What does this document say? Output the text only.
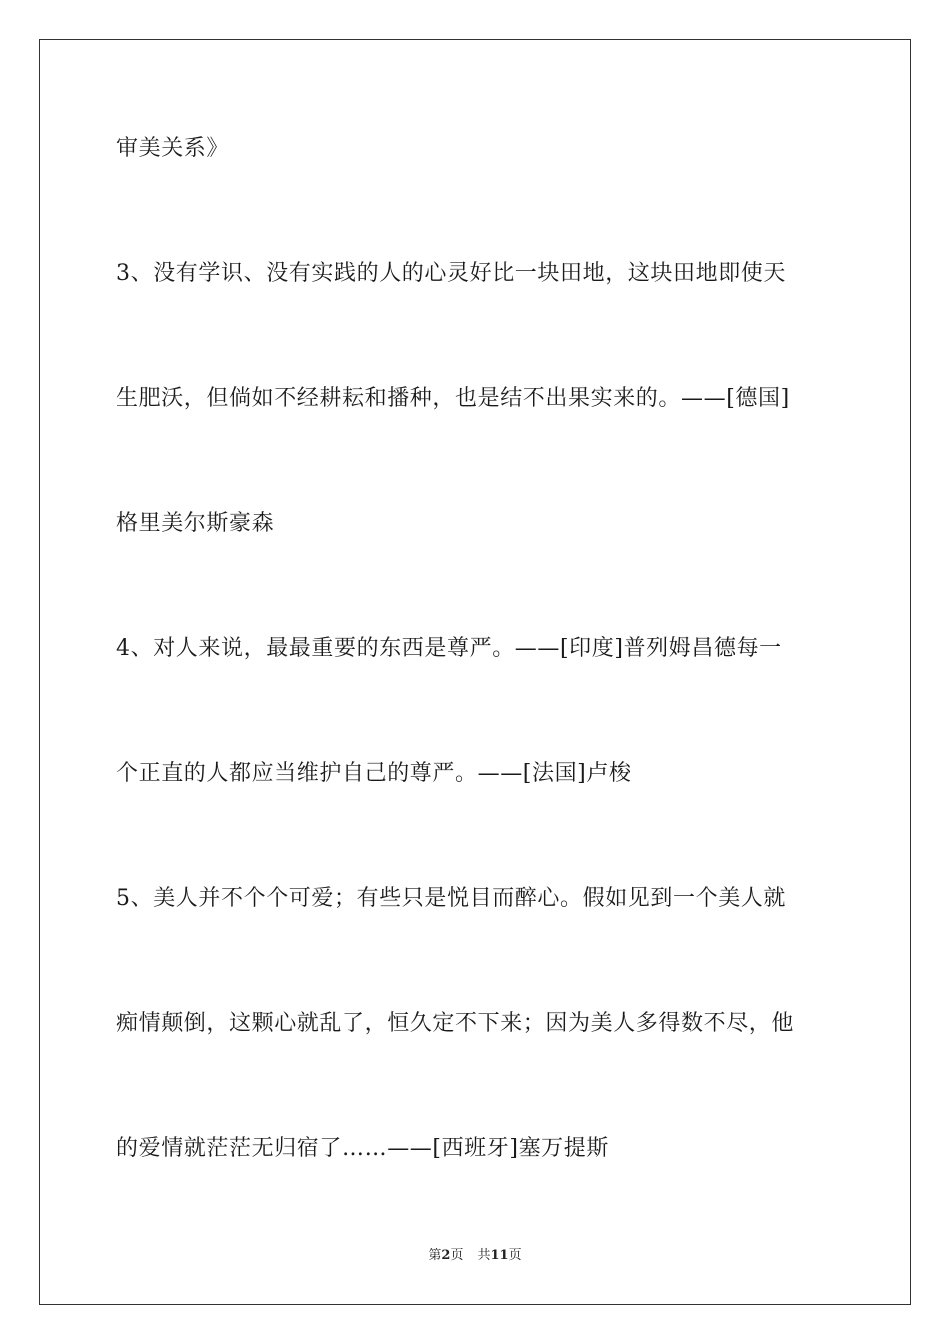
审美关系》
3、没有学识、没有实践的人的心灵好比一块田地，这块田地即使天
生肥沃，但倘如不经耕耘和播种，也是结不出果实来的。——[德国]
格里美尔斯豪森
4、对人来说，最最重要的东西是尊严。——[印度]普列姆昌德每一
个正直的人都应当维护自己的尊严。——[法国]卢梭
5、美人并不个个可爱；有些只是悦目而醉心。假如见到一个美人就
痴情颠倒，这颗心就乱了，恒久定不下来；因为美人多得数不尽，他
的爱情就茫茫无归宿了……——[西班牙]塞万提斯
第2页 共11页
